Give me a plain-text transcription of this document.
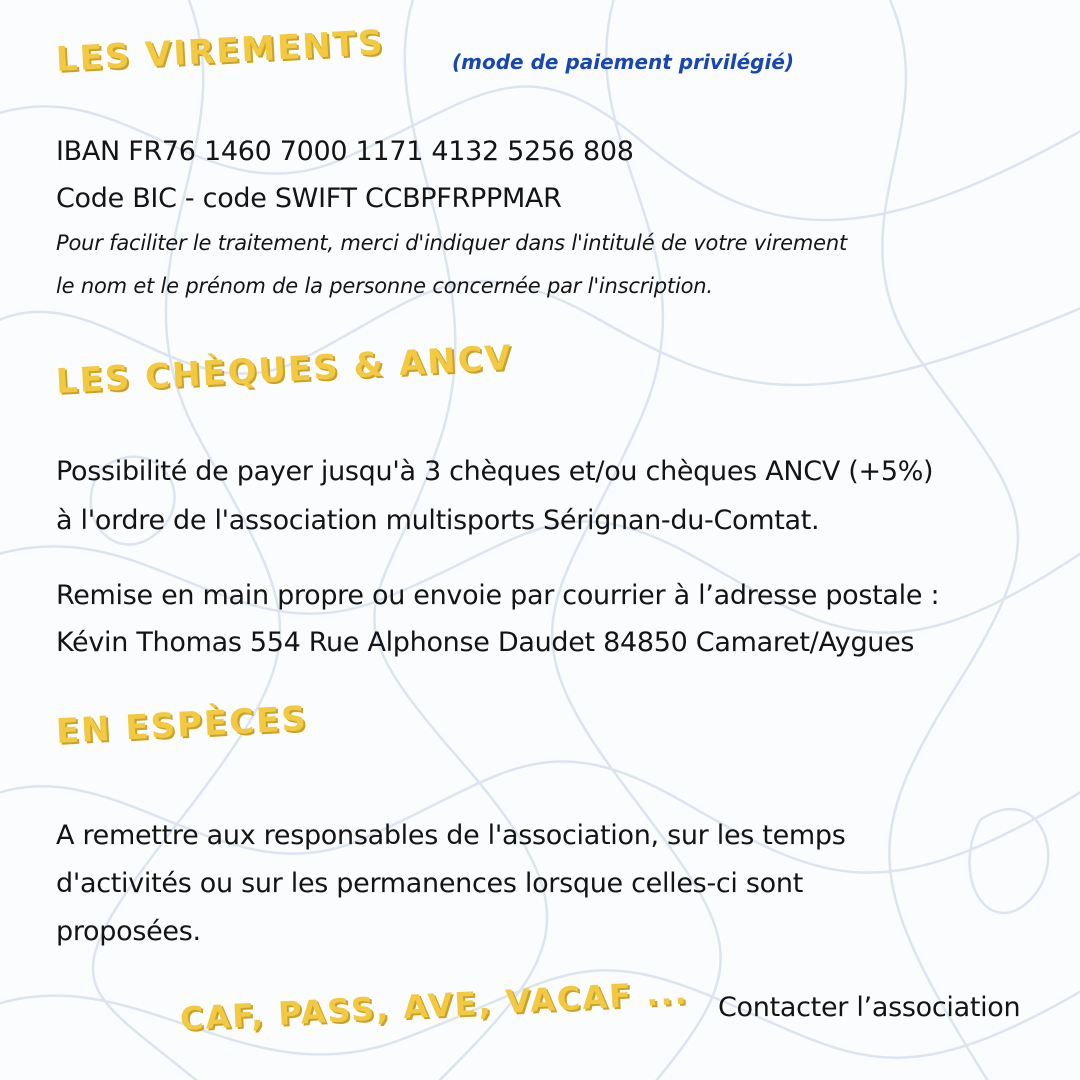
LES VIREMENTS	(mode de paiement privilégié)
IBAN FR76 1460 7000 1171 4132 5256 808
Code BIC - code SWIFT CCBPFRPPMAR
Pour faciliter le traitement, merci d'indiquer dans l'intitulé de votre virement
le nom et le prénom de la personne concernée par l'inscription.
LES CHÈQUES & ANCV
Possibilité de payer jusqu'à 3 chèques et/ou chèques ANCV (+5%)
à l'ordre de l'association multisports Sérignan-du-Comtat.
Remise en main propre ou envoie par courrier à l’adresse postale :
Kévin Thomas 554 Rue Alphonse Daudet 84850 Camaret/Aygues
EN ESPÈCES
A remettre aux responsables de l'association, sur les temps
d'activités ou sur les permanences lorsque celles-ci sont
proposées.
CAF, PASS, AVE, VACAF ... Contacter l’association
